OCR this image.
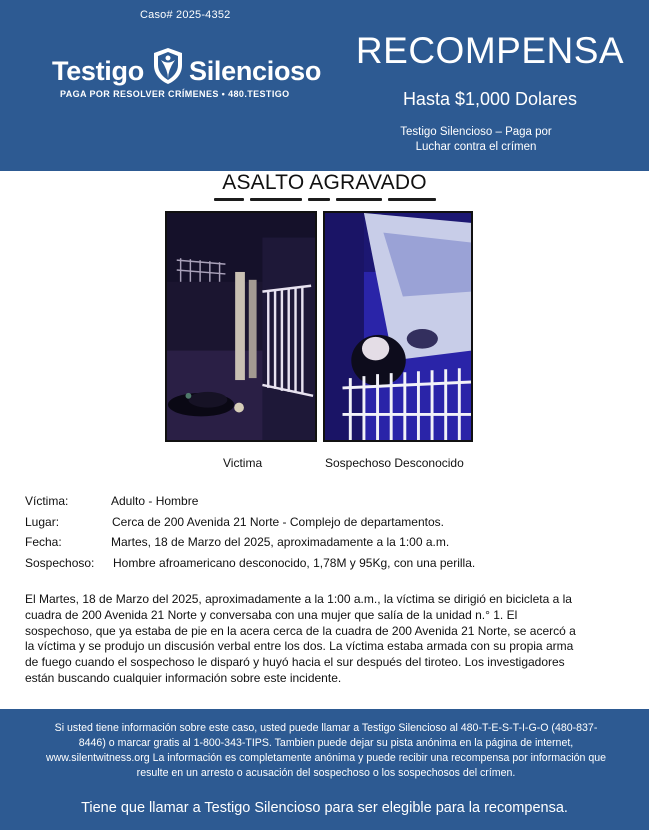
Caso# 2025-4352
Testigo Silencioso
PAGA POR RESOLVER CRÍMENES • 480.TESTIGO
RECOMPENSA
Hasta $1,000 Dolares
Testigo Silencioso – Paga por Luchar contra el crímen
ASALTO AGRAVADO
Victima	Sospechoso Desconocido
Víctima:	Adulto - Hombre
Lugar:	Cerca de 200 Avenida 21 Norte - Complejo de departamentos.
Fecha:	Martes, 18 de Marzo del 2025, aproximadamente a la 1:00 a.m.
Sospechoso: Hombre afroamericano desconocido, 1,78M y 95Kg, con una perilla.
El Martes, 18 de Marzo del 2025, aproximadamente a la 1:00 a.m., la víctima se dirigió en bicicleta a la cuadra de 200 Avenida 21 Norte y conversaba con una mujer que salía de la unidad n.° 1. El sospechoso, que ya estaba de pie en la acera cerca de la cuadra de 200 Avenida 21 Norte, se acercó a la víctima y se produjo un discusión verbal entre los dos. La víctima estaba armada con su propia arma de fuego cuando el sospechoso le disparó y huyó hacia el sur después del tiroteo. Los investigadores están buscando cualquier información sobre este incidente.
Si usted tiene información sobre este caso, usted puede llamar a Testigo Silencioso al 480-T-E-S-T-I-G-O (480-837-8446) o marcar gratis al 1-800-343-TIPS. Tambien puede dejar su pista anónima en la página de internet, www.silentwitness.org La información es completamente anónima y puede recibir una recompensa por información que resulte en un arresto o acusación del sospechoso o los sospechosos del crímen.
Tiene que llamar a Testigo Silencioso para ser elegible para la recompensa.
